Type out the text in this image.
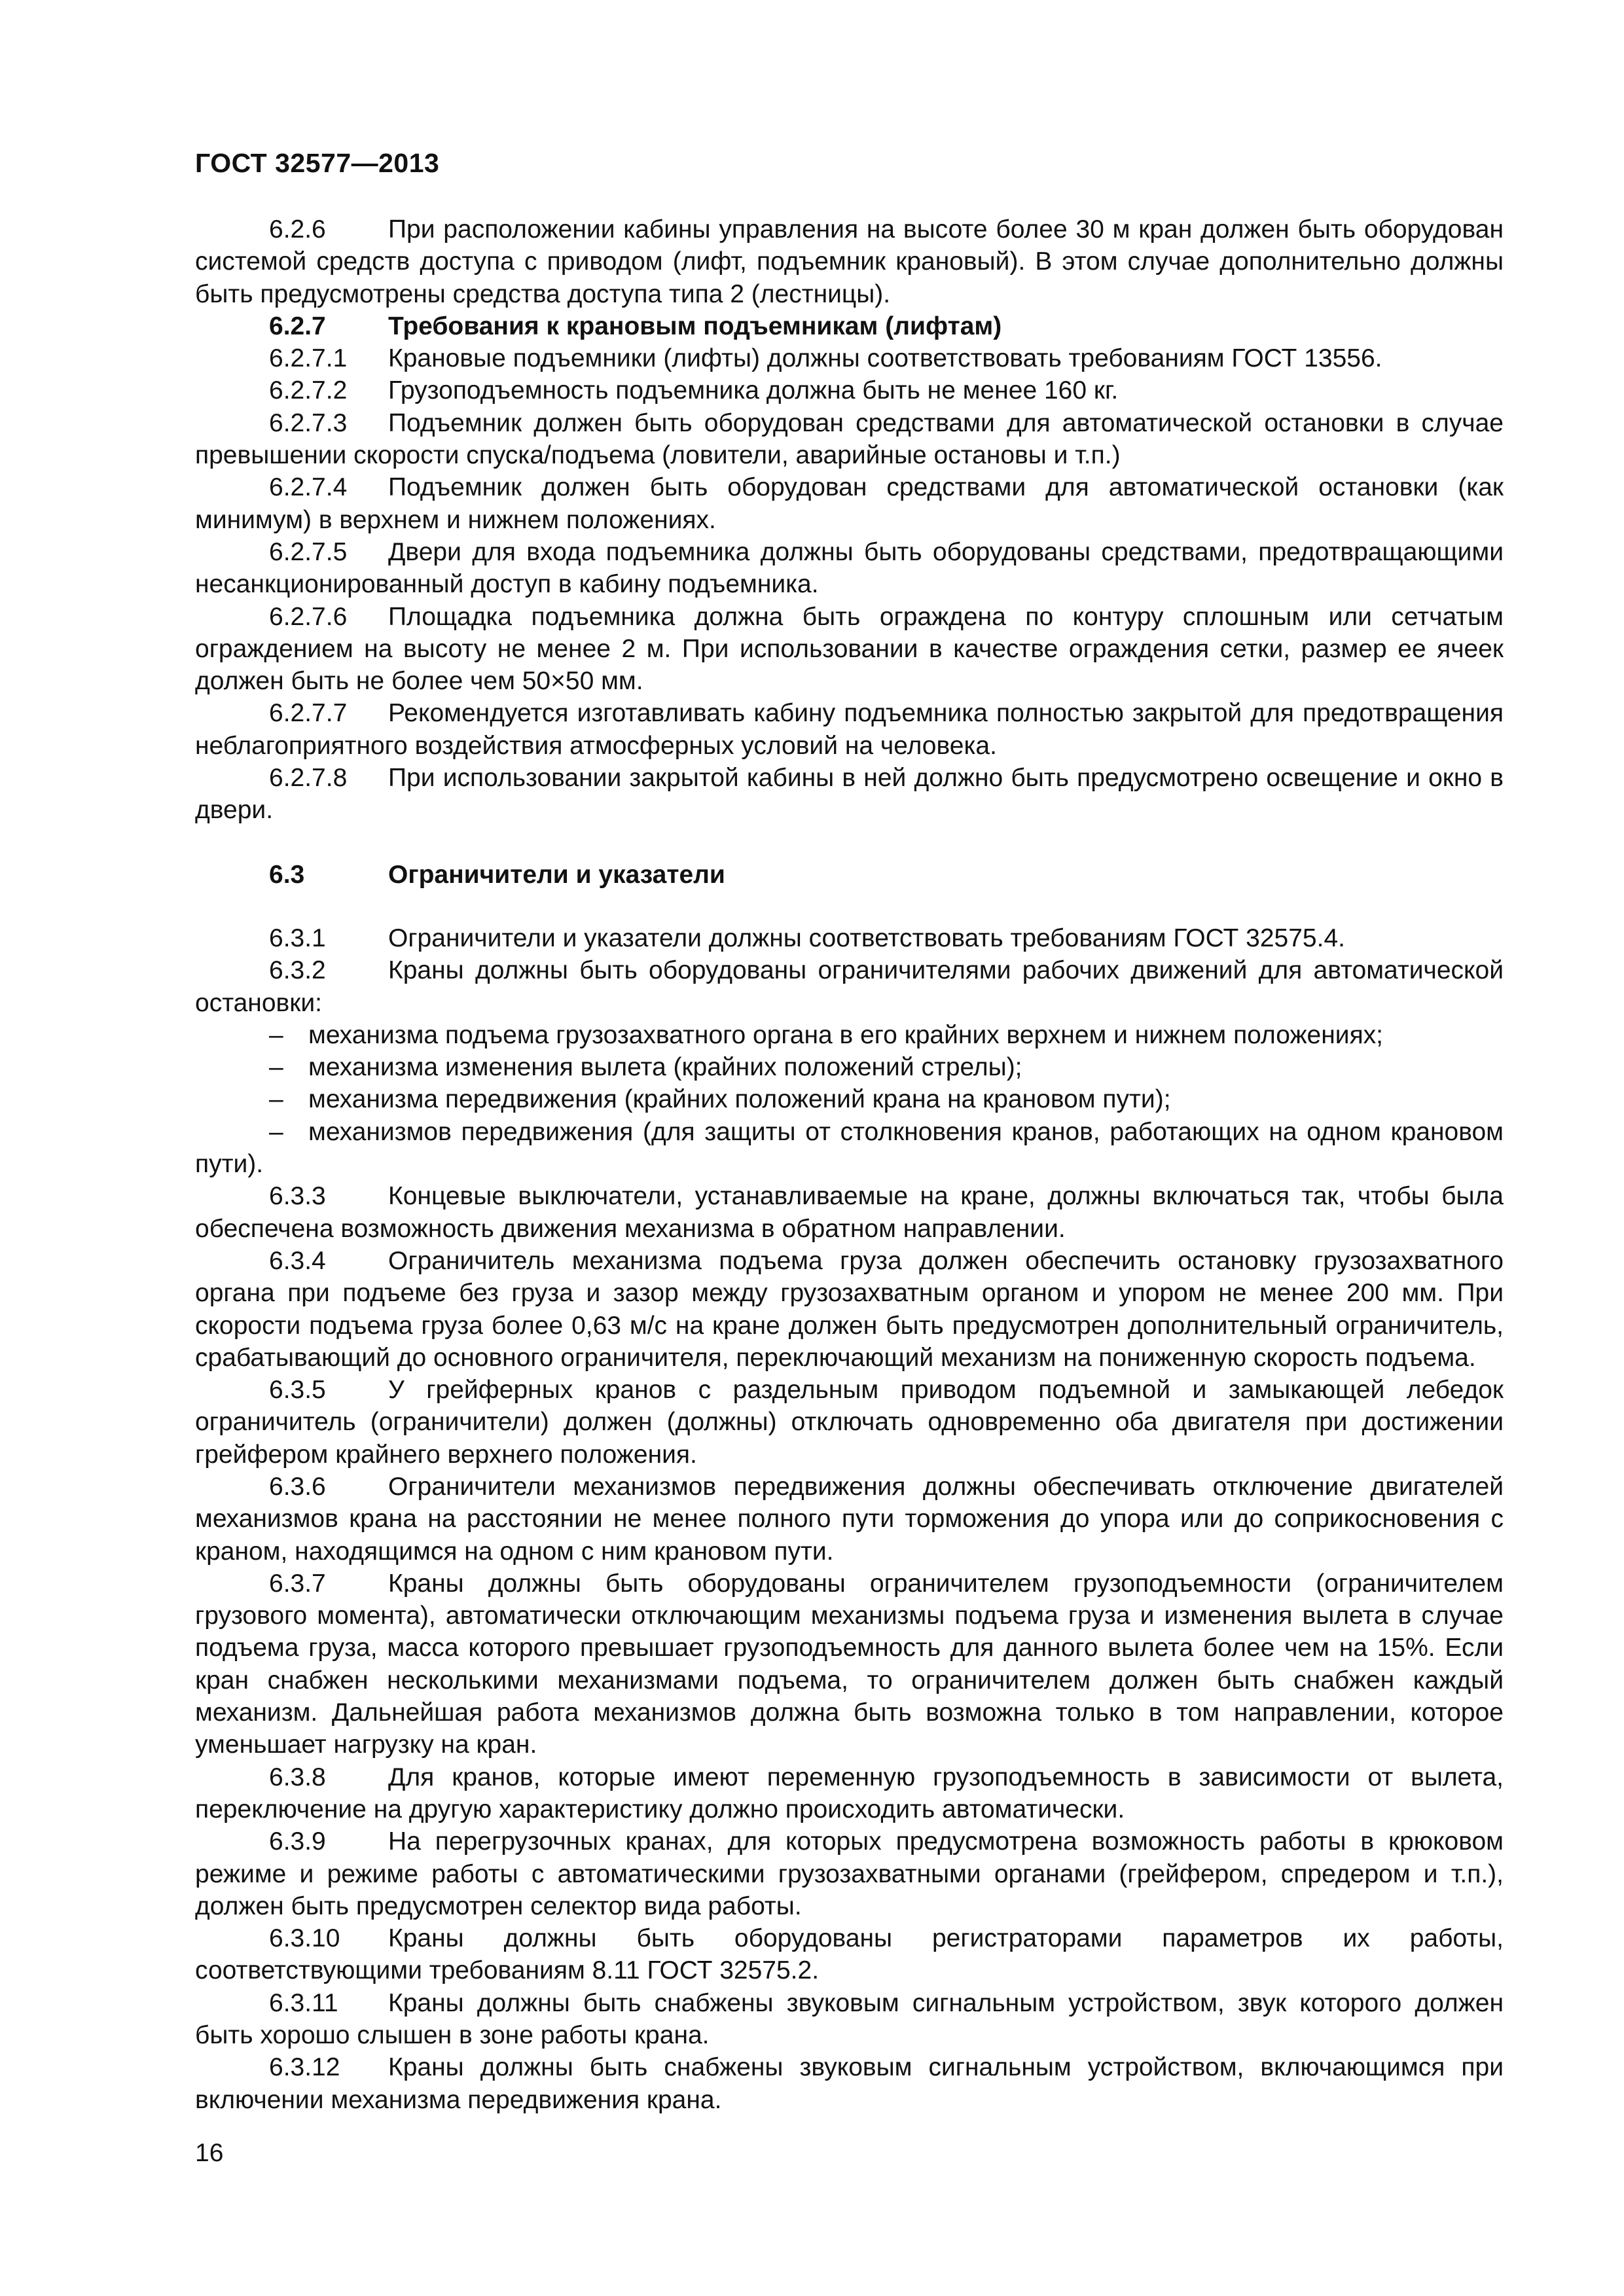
ГОСТ 32577—2013

6.2.6 При расположении кабины управления на высоте более 30 м кран должен быть оборудован системой средств доступа с приводом (лифт, подъемник крановый). В этом случае дополнительно должны быть предусмотрены средства доступа типа 2 (лестницы).

6.2.7 Требования к крановым подъемникам (лифтам)

6.2.7.1 Крановые подъемники (лифты) должны соответствовать требованиям ГОСТ 13556.

6.2.7.2 Грузоподъемность подъемника должна быть не менее 160 кг.

6.2.7.3 Подъемник должен быть оборудован средствами для автоматической остановки в случае превышении скорости спуска/подъема (ловители, аварийные остановы и т.п.)

6.2.7.4 Подъемник должен быть оборудован средствами для автоматической остановки (как минимум) в верхнем и нижнем положениях.

6.2.7.5 Двери для входа подъемника должны быть оборудованы средствами, предотвращающими несанкционированный доступ в кабину подъемника.

6.2.7.6 Площадка подъемника должна быть ограждена по контуру сплошным или сетчатым ограждением на высоту не менее 2 м. При использовании в качестве ограждения сетки, размер ее ячеек должен быть не более чем 50×50 мм.

6.2.7.7 Рекомендуется изготавливать кабину подъемника полностью закрытой для предотвращения неблагоприятного воздействия атмосферных условий на человека.

6.2.7.8 При использовании закрытой кабины в ней должно быть предусмотрено освещение и окно в двери.

6.3	Ограничители и указатели

6.3.1 Ограничители и указатели должны соответствовать требованиям ГОСТ 32575.4.

6.3.2 Краны должны быть оборудованы ограничителями рабочих движений для автоматической остановки:

– механизма подъема грузозахватного органа в его крайних верхнем и нижнем положениях;

– механизма изменения вылета (крайних положений стрелы);

– механизма передвижения (крайних положений крана на крановом пути);

– механизмов передвижения (для защиты от столкновения кранов, работающих на одном крановом пути).

6.3.3 Концевые выключатели, устанавливаемые на кране, должны включаться так, чтобы была обеспечена возможность движения механизма в обратном направлении.

6.3.4 Ограничитель механизма подъема груза должен обеспечить остановку грузозахватного органа при подъеме без груза и зазор между грузозахватным органом и упором не менее 200 мм. При скорости подъема груза более 0,63 м/с на кране должен быть предусмотрен дополнительный ограничитель, срабатывающий до основного ограничителя, переключающий механизм на пониженную скорость подъема.

6.3.5 У грейферных кранов с раздельным приводом подъемной и замыкающей лебедок ограничитель (ограничители) должен (должны) отключать одновременно оба двигателя при достижении грейфером крайнего верхнего положения.

6.3.6 Ограничители механизмов передвижения должны обеспечивать отключение двигателей механизмов крана на расстоянии не менее полного пути торможения до упора или до соприкосновения с краном, находящимся на одном с ним крановом пути.

6.3.7 Краны должны быть оборудованы ограничителем грузоподъемности (ограничителем грузового момента), автоматически отключающим механизмы подъема груза и изменения вылета в случае подъема груза, масса которого превышает грузоподъемность для данного вылета более чем на 15%. Если кран снабжен несколькими механизмами подъема, то ограничителем должен быть снабжен каждый механизм. Дальнейшая работа механизмов должна быть возможна только в том направлении, которое уменьшает нагрузку на кран.

6.3.8 Для кранов, которые имеют переменную грузоподъемность в зависимости от вылета, переключение на другую характеристику должно происходить автоматически.

6.3.9 На перегрузочных кранах, для которых предусмотрена возможность работы в крюковом режиме и режиме работы с автоматическими грузозахватными органами (грейфером, спредером и т.п.), должен быть предусмотрен селектор вида работы.

6.3.10 Краны должны быть оборудованы регистраторами параметров их работы, соответствующими требованиям 8.11 ГОСТ 32575.2.

6.3.11 Краны должны быть снабжены звуковым сигнальным устройством, звук которого должен быть хорошо слышен в зоне работы крана.

6.3.12 Краны должны быть снабжены звуковым сигнальным устройством, включающимся при включении механизма передвижения крана.

16
